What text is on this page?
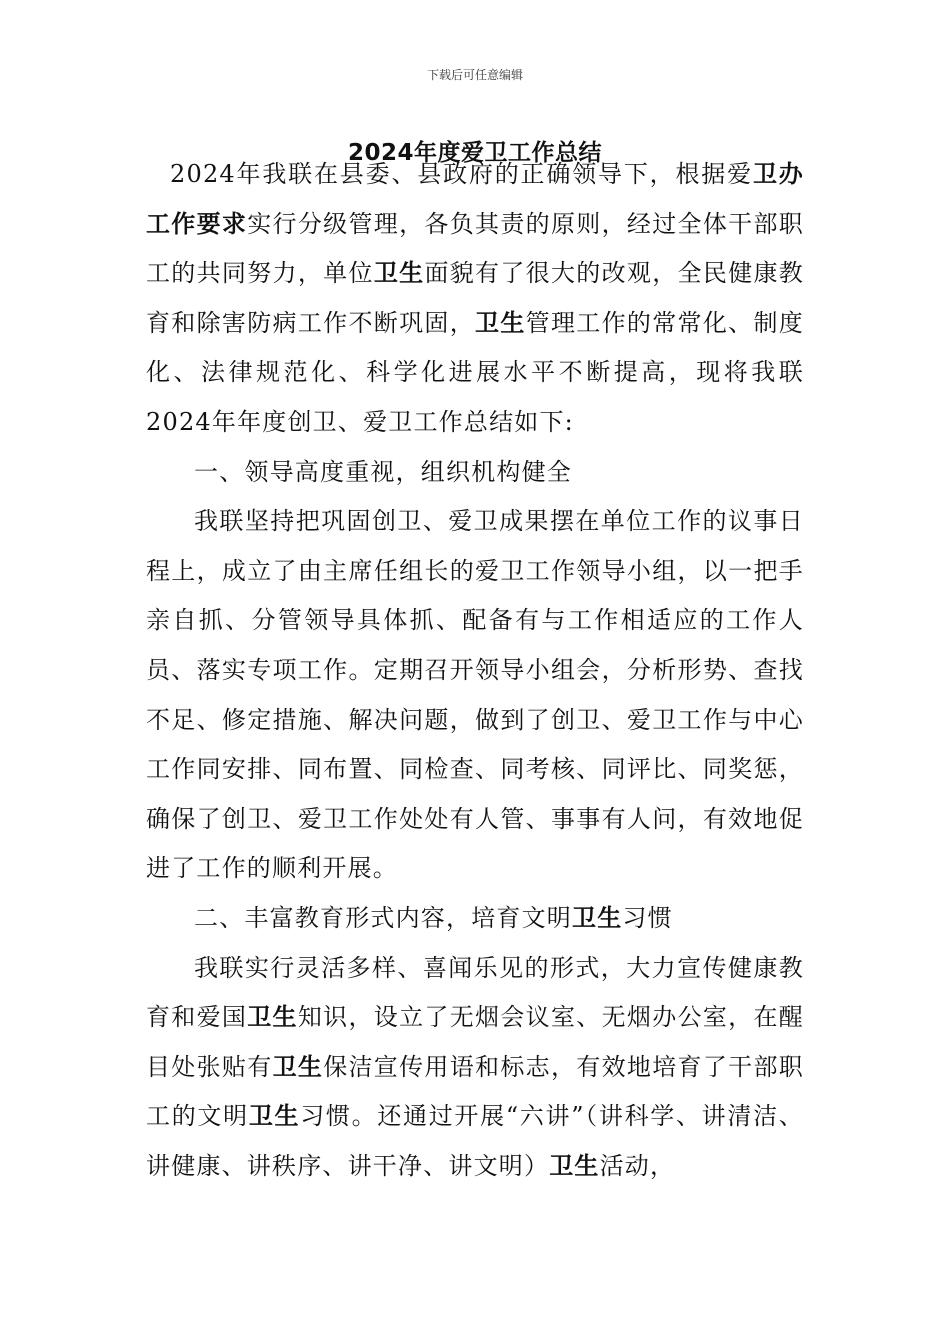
下载后可任意编辑
2024年度爱卫工作总结

2024年我联在县委、县政府的正确领导下，根据爱卫办工作要求实行分级管理，各负其责的原则，经过全体干部职工的共同努力，单位卫生面貌有了很大的改观，全民健康教育和除害防病工作不断巩固，卫生管理工作的常常化、制度化、法律规范化、科学化进展水平不断提高，现将我联2024年年度创卫、爱卫工作总结如下:

一、领导高度重视，组织机构健全

我联坚持把巩固创卫、爱卫成果摆在单位工作的议事日程上，成立了由主席任组长的爱卫工作领导小组，以一把手亲自抓、分管领导具体抓、配备有与工作相适应的工作人员、落实专项工作。定期召开领导小组会，分析形势、查找不足、修定措施、解决问题，做到了创卫、爱卫工作与中心工作同安排、同布置、同检查、同考核、同评比、同奖惩，确保了创卫、爱卫工作处处有人管、事事有人问，有效地促进了工作的顺利开展。

二、丰富教育形式内容，培育文明卫生习惯

我联实行灵活多样、喜闻乐见的形式，大力宣传健康教育和爱国卫生知识，设立了无烟会议室、无烟办公室，在醒目处张贴有卫生保洁宣传用语和标志，有效地培育了干部职工的文明卫生习惯。还通过开展“六讲”（讲科学、讲清洁、讲健康、讲秩序、讲干净、讲文明）卫生活动，
